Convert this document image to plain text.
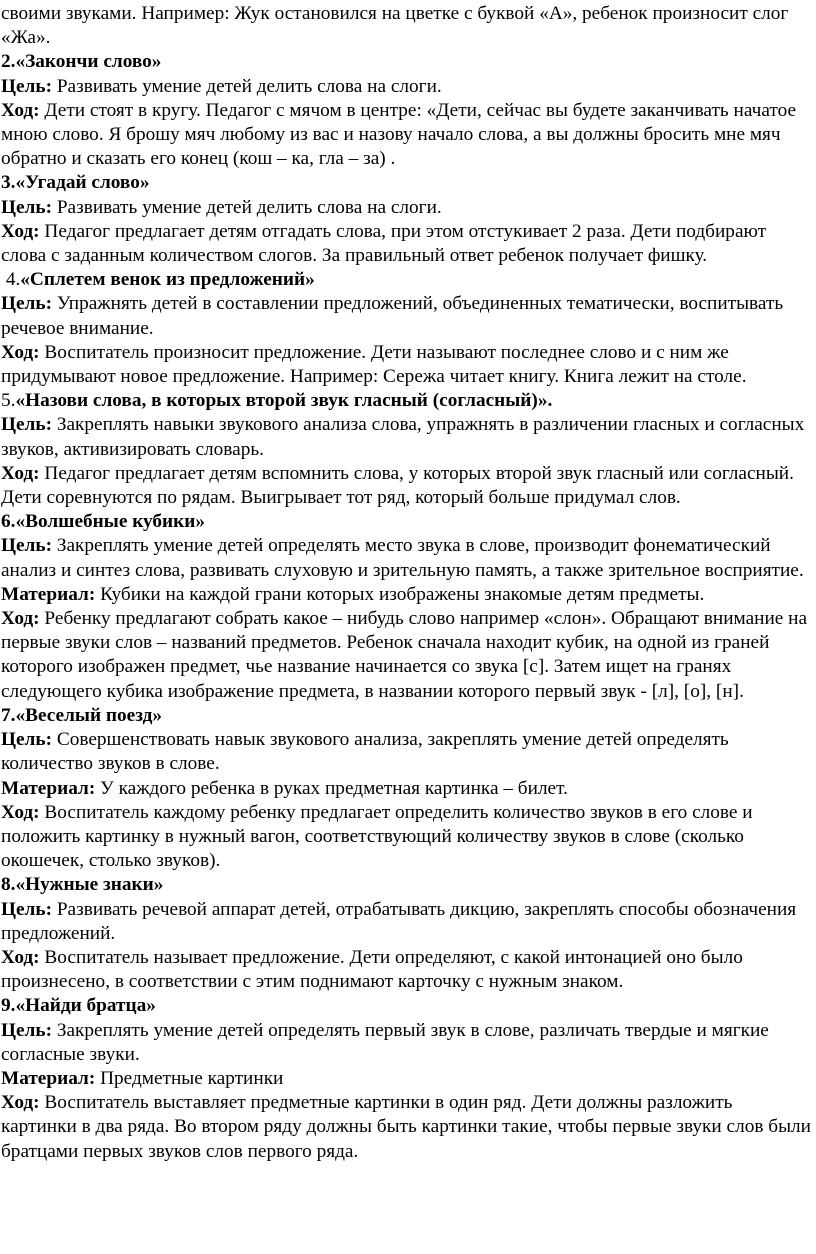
своими звуками. Например: Жук остановился на цветке с буквой «А», ребенок произносит слог «Жа».

2.«Закончи слово»

Цель: Развивать умение детей делить слова на слоги.

Ход: Дети стоят в кругу. Педагог с мячом в центре: «Дети, сейчас вы будете заканчивать начатое мною слово. Я брошу мяч любому из вас и назову начало слова, а вы должны бросить мне мяч обратно и сказать его конец (кош – ка, гла – за) .

3.«Угадай слово»

Цель: Развивать умение детей делить слова на слоги.

Ход: Педагог предлагает детям отгадать слова, при этом отстукивает 2 раза. Дети подбирают слова с заданным количеством слогов. За правильный ответ ребенок получает фишку.

4.«Сплетем венок из предложений»

Цель: Упражнять детей в составлении предложений, объединенных тематически, воспитывать речевое внимание.

Ход: Воспитатель произносит предложение. Дети называют последнее слово и с ним же придумывают новое предложение. Например: Сережа читает книгу. Книга лежит на столе.

5.«Назови слова, в которых второй звук гласный (согласный)».

Цель: Закреплять навыки звукового анализа слова, упражнять в различении гласных и согласных звуков, активизировать словарь.

Ход: Педагог предлагает детям вспомнить слова, у которых второй звук гласный или согласный. Дети соревнуются по рядам. Выигрывает тот ряд, который больше придумал слов.

6.«Волшебные кубики»

Цель: Закреплять умение детей определять место звука в слове, производит фонематический анализ и синтез слова, развивать слуховую и зрительную память, а также зрительное восприятие.

Материал: Кубики на каждой грани которых изображены знакомые детям предметы.

Ход: Ребенку предлагают собрать какое – нибудь слово например «слон». Обращают внимание на первые звуки слов – названий предметов. Ребенок сначала находит кубик, на одной из граней которого изображен предмет, чье название начинается со звука [с]. Затем ищет на гранях следующего кубика изображение предмета, в названии которого первый звук - [л], [о], [н].

7.«Веселый поезд»

Цель: Совершенствовать навык звукового анализа, закреплять умение детей определять количество звуков в слове.

Материал: У каждого ребенка в руках предметная картинка – билет.

Ход: Воспитатель каждому ребенку предлагает определить количество звуков в его слове и положить картинку в нужный вагон, соответствующий количеству звуков в слове (сколько окошечек, столько звуков).

8.«Нужные знаки»

Цель: Развивать речевой аппарат детей, отрабатывать дикцию, закреплять способы обозначения предложений.

Ход: Воспитатель называет предложение. Дети определяют, с какой интонацией оно было произнесено, в соответствии с этим поднимают карточку с нужным знаком.

9.«Найди братца»

Цель: Закреплять умение детей определять первый звук в слове, различать твердые и мягкие согласные звуки.

Материал: Предметные картинки

Ход: Воспитатель выставляет предметные картинки в один ряд. Дети должны разложить картинки в два ряда. Во втором ряду должны быть картинки такие, чтобы первые звуки слов были братцами первых звуков слов первого ряда.
